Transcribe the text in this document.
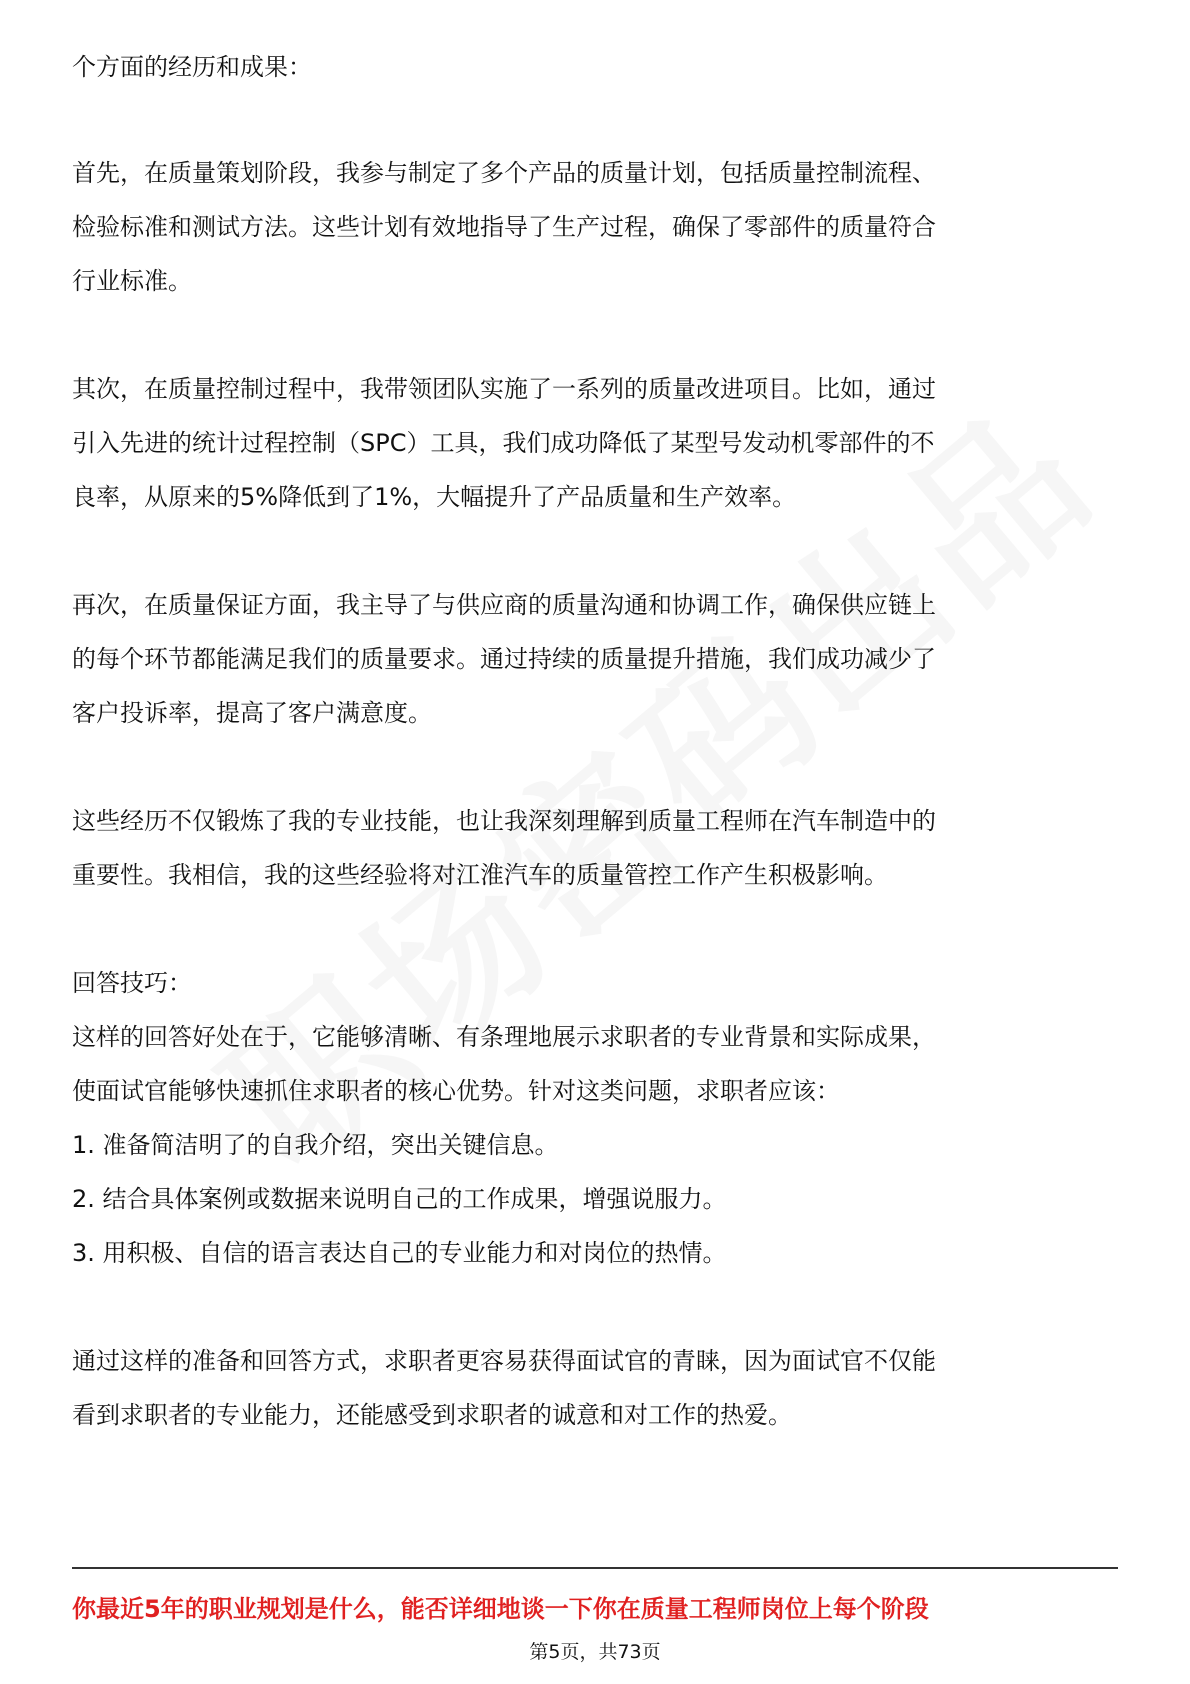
个方面的经历和成果：
首先，在质量策划阶段，我参与制定了多个产品的质量计划，包括质量控制流程、
检验标准和测试方法。这些计划有效地指导了生产过程，确保了零部件的质量符合
行业标准。
其次，在质量控制过程中，我带领团队实施了一系列的质量改进项目。比如，通过
引入先进的统计过程控制（SPC）工具，我们成功降低了某型号发动机零部件的不
良率，从原来的5%降低到了1%，大幅提升了产品质量和生产效率。
再次，在质量保证方面，我主导了与供应商的质量沟通和协调工作，确保供应链上
的每个环节都能满足我们的质量要求。通过持续的质量提升措施，我们成功减少了
客户投诉率，提高了客户满意度。
这些经历不仅锻炼了我的专业技能，也让我深刻理解到质量工程师在汽车制造中的
重要性。我相信，我的这些经验将对江淮汽车的质量管控工作产生积极影响。
回答技巧：
这样的回答好处在于，它能够清晰、有条理地展示求职者的专业背景和实际成果，
使面试官能够快速抓住求职者的核心优势。针对这类问题，求职者应该：
1. 准备简洁明了的自我介绍，突出关键信息。
2. 结合具体案例或数据来说明自己的工作成果，增强说服力。
3. 用积极、自信的语言表达自己的专业能力和对岗位的热情。
通过这样的准备和回答方式，求职者更容易获得面试官的青睐，因为面试官不仅能
看到求职者的专业能力，还能感受到求职者的诚意和对工作的热爱。
你最近5年的职业规划是什么，能否详细地谈一下你在质量工程师岗位上每个阶段
第5页，共73页
